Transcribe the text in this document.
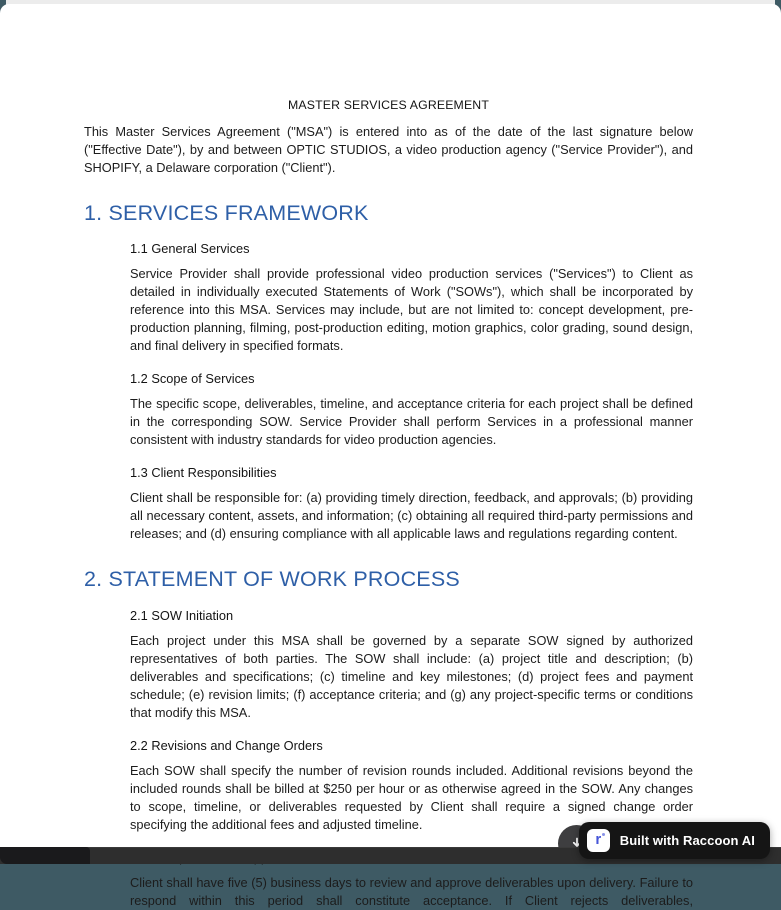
MASTER SERVICES AGREEMENT

This Master Services Agreement ("MSA") is entered into as of the date of the last signature below ("Effective Date"), by and between OPTIC STUDIOS, a video production agency ("Service Provider"), and SHOPIFY, a Delaware corporation ("Client").

1. SERVICES FRAMEWORK
1.1 General Services

Service Provider shall provide professional video production services ("Services") to Client as detailed in individually executed Statements of Work ("SOWs"), which shall be incorporated by reference into this MSA. Services may include, but are not limited to: concept development, pre-production planning, filming, post-production editing, motion graphics, color grading, sound design, and final delivery in specified formats.

1.2 Scope of Services

The specific scope, deliverables, timeline, and acceptance criteria for each project shall be defined in the corresponding SOW. Service Provider shall perform Services in a professional manner consistent with industry standards for video production agencies.

1.3 Client Responsibilities

Client shall be responsible for: (a) providing timely direction, feedback, and approvals; (b) providing all necessary content, assets, and information; (c) obtaining all required third-party permissions and releases; and (d) ensuring compliance with all applicable laws and regulations regarding content.

2. STATEMENT OF WORK PROCESS
2.1 SOW Initiation

Each project under this MSA shall be governed by a separate SOW signed by authorized representatives of both parties. The SOW shall include: (a) project title and description; (b) deliverables and specifications; (c) timeline and key milestones; (d) project fees and payment schedule; (e) revision limits; (f) acceptance criteria; and (g) any project-specific terms or conditions that modify this MSA.

2.2 Revisions and Change Orders

Each SOW shall specify the number of revision rounds included. Additional revisions beyond the included rounds shall be billed at $250 per hour or as otherwise agreed in the SOW. Any changes to scope, timeline, or deliverables requested by Client shall require a signed change order specifying the additional fees and adjusted timeline.

Client shall have five (5) business days to review and approve deliverables upon delivery. Failure to respond within this period shall constitute acceptance. If Client rejects deliverables,

r Built with Raccoon AI
